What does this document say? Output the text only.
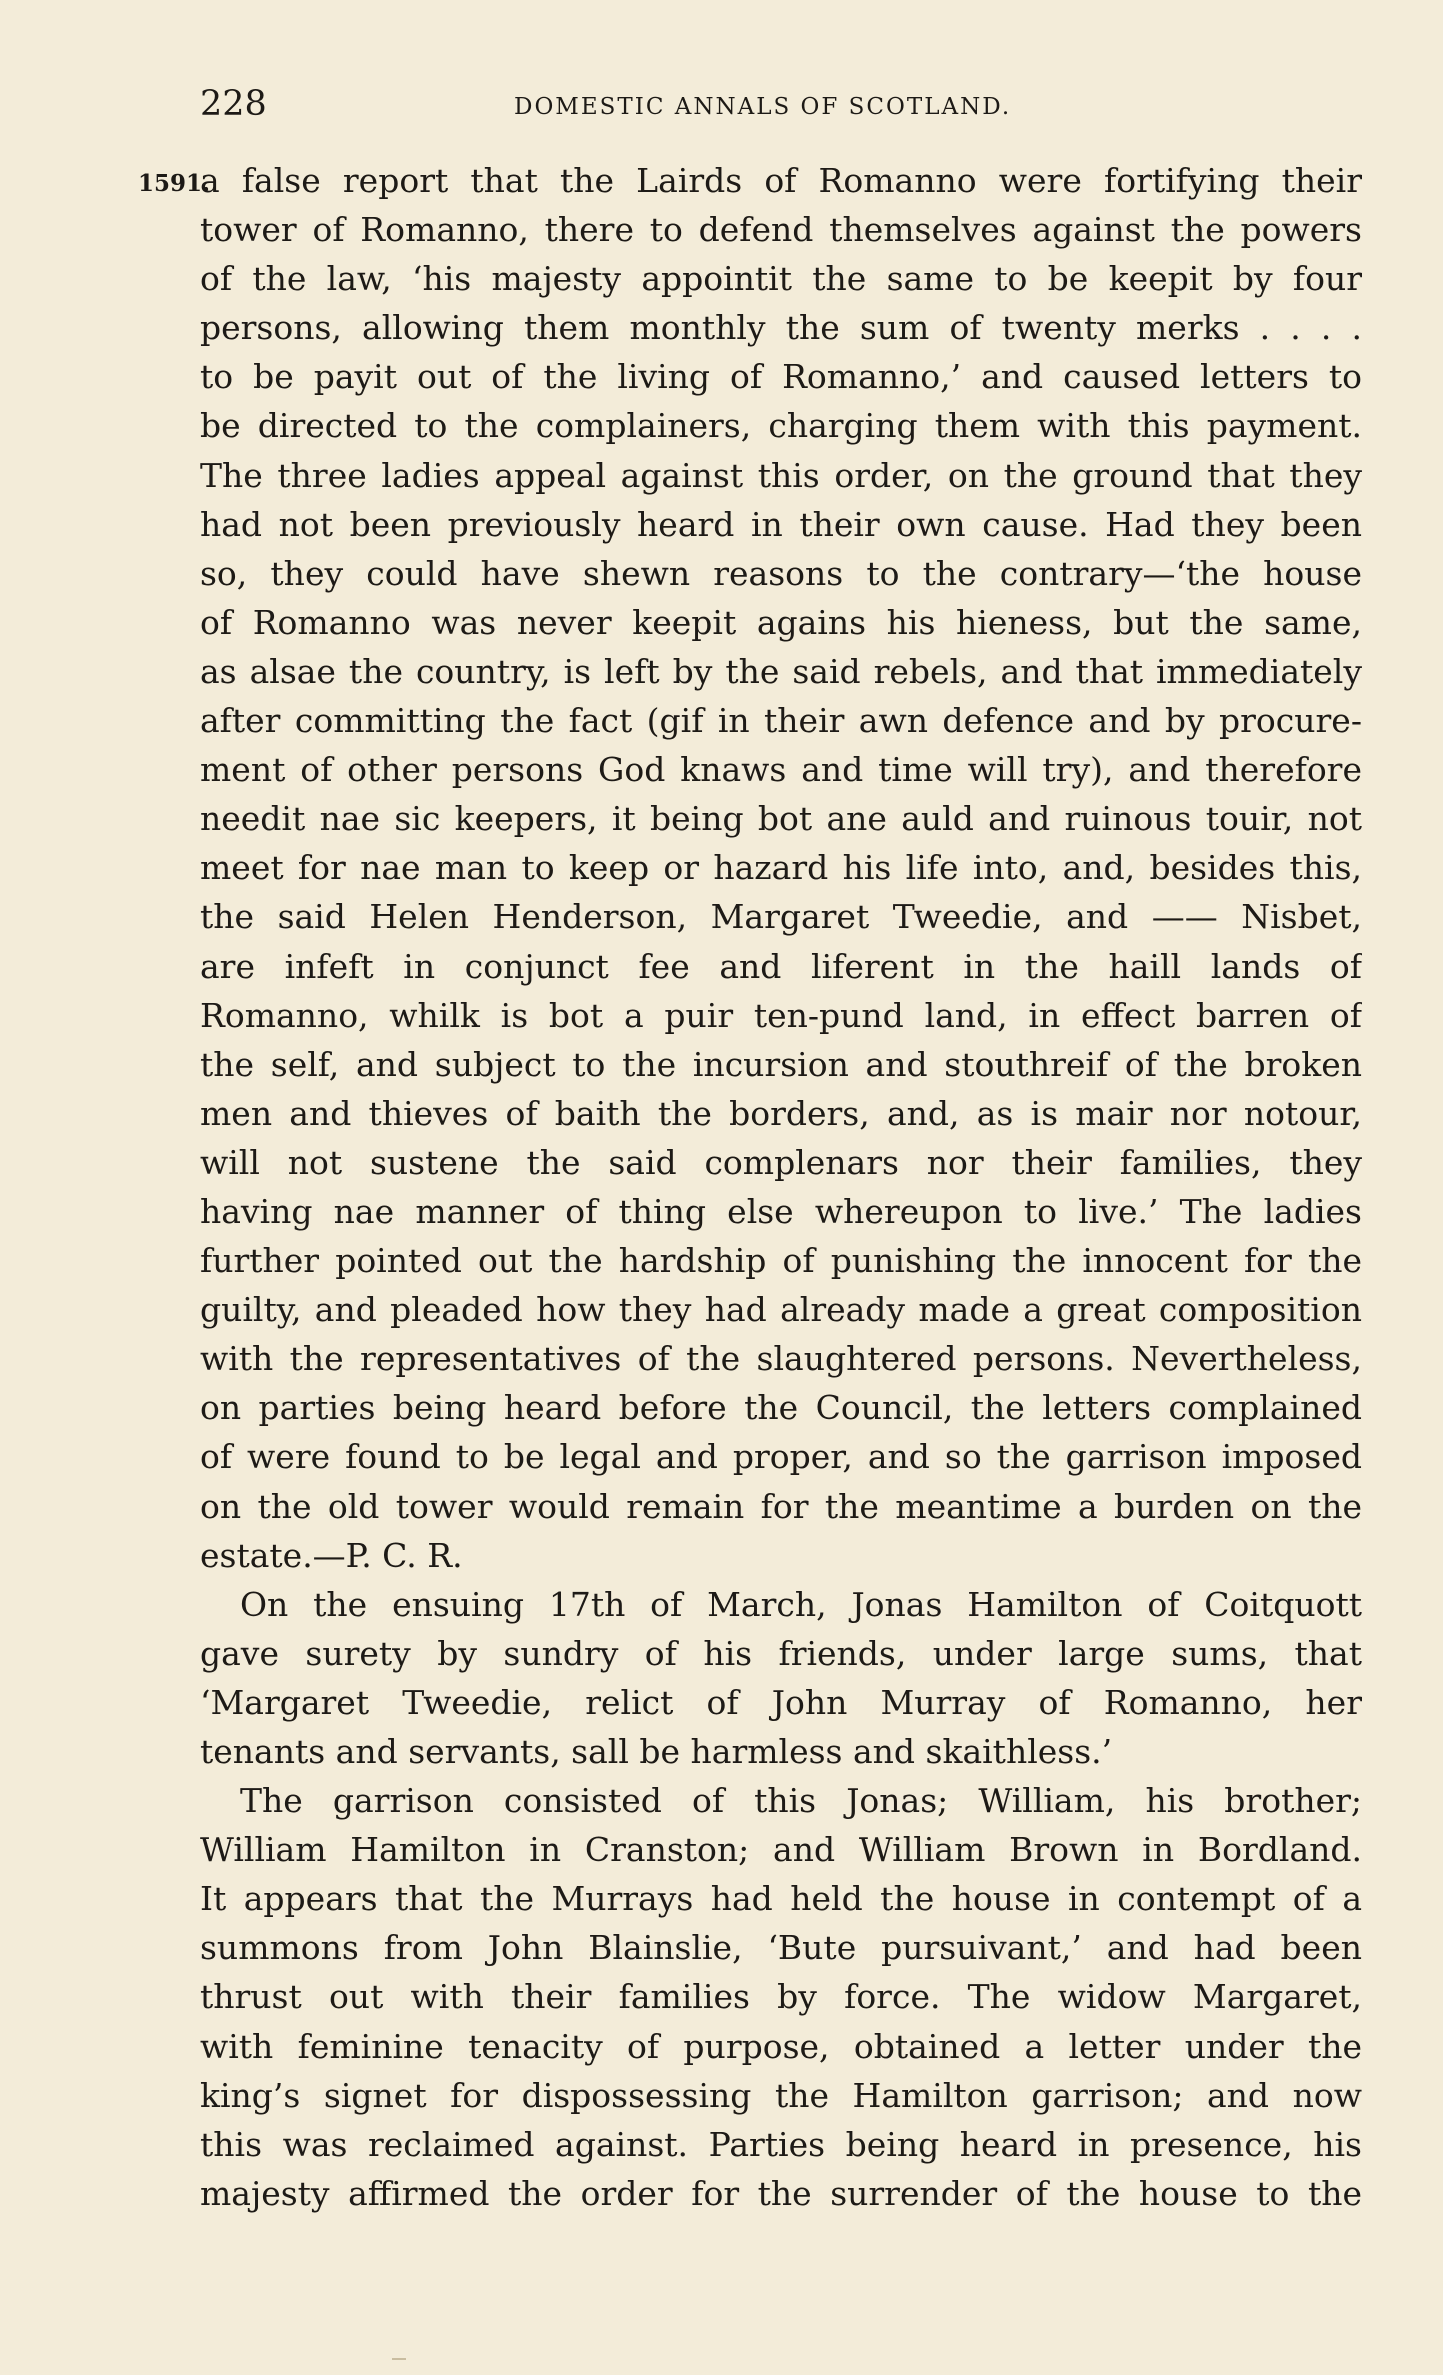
228	DOMESTIC ANNALS OF SCOTLAND.
1591.
a false report that the Lairds of Romanno were fortifying their
tower of Romanno, there to defend themselves against the powers
of the law, ‘his majesty appointit the same to be keepit by four
persons, allowing them monthly the sum of twenty merks . . . .
to be payit out of the living of Romanno,’ and caused letters to
be directed to the complainers, charging them with this payment.
The three ladies appeal against this order, on the ground that they
had not been previously heard in their own cause. Had they been
so, they could have shewn reasons to the contrary—‘the house
of Romanno was never keepit agains his hieness, but the same,
as alsae the country, is left by the said rebels, and that immediately
after committing the fact (gif in their awn defence and by procure-
ment of other persons God knaws and time will try), and therefore
needit nae sic keepers, it being bot ane auld and ruinous touir, not
meet for nae man to keep or hazard his life into, and, besides this,
the said Helen Henderson, Margaret Tweedie, and —— Nisbet,
are infeft in conjunct fee and liferent in the haill lands of
Romanno, whilk is bot a puir ten-pund land, in effect barren of
the self, and subject to the incursion and stouthreif of the broken
men and thieves of baith the borders, and, as is mair nor notour,
will not sustene the said complenars nor their families, they
having nae manner of thing else whereupon to live.’ The ladies
further pointed out the hardship of punishing the innocent for the
guilty, and pleaded how they had already made a great composition
with the representatives of the slaughtered persons. Nevertheless,
on parties being heard before the Council, the letters complained
of were found to be legal and proper, and so the garrison imposed
on the old tower would remain for the meantime a burden on the
estate.—P. C. R.
On the ensuing 17th of March, Jonas Hamilton of Coitquott
gave surety by sundry of his friends, under large sums, that
‘Margaret Tweedie, relict of John Murray of Romanno, her
tenants and servants, sall be harmless and skaithless.’
The garrison consisted of this Jonas; William, his brother;
William Hamilton in Cranston; and William Brown in Bordland.
It appears that the Murrays had held the house in contempt of a
summons from John Blainslie, ‘Bute pursuivant,’ and had been
thrust out with their families by force. The widow Margaret,
with feminine tenacity of purpose, obtained a letter under the
king’s signet for dispossessing the Hamilton garrison; and now
this was reclaimed against. Parties being heard in presence, his
majesty affirmed the order for the surrender of the house to the
